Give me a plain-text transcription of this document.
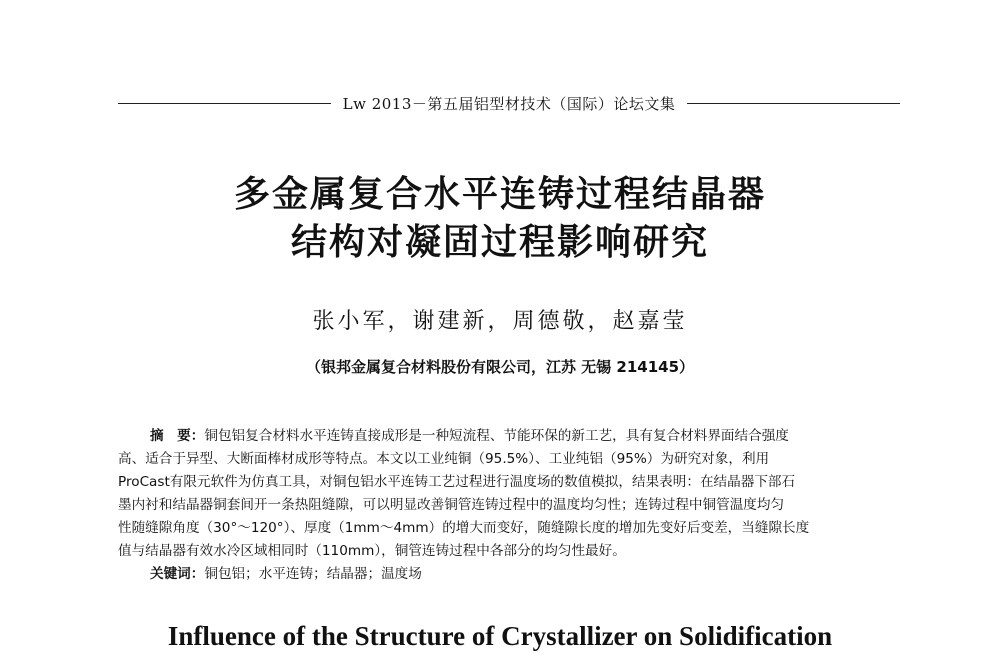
Lw 2013－第五届铝型材技术（国际）论坛文集
多金属复合水平连铸过程结晶器
结构对凝固过程影响研究
张小军，谢建新，周德敬，赵嘉莹
（银邦金属复合材料股份有限公司，江苏 无锡 214145）
摘　要：铜包铝复合材料水平连铸直接成形是一种短流程、节能环保的新工艺，具有复合材料界面结合强度
高、适合于异型、大断面棒材成形等特点。本文以工业纯铜（95.5%）、工业纯铝（95%）为研究对象，利用
ProCast有限元软件为仿真工具，对铜包铝水平连铸工艺过程进行温度场的数值模拟，结果表明：在结晶器下部石
墨内衬和结晶器铜套间开一条热阻缝隙，可以明显改善铜管连铸过程中的温度均匀性；连铸过程中铜管温度均匀
性随缝隙角度（30°～120°）、厚度（1mm～4mm）的增大而变好，随缝隙长度的增加先变好后变差，当缝隙长度
值与结晶器有效水冷区域相同时（110mm），铜管连铸过程中各部分的均匀性最好。
关键词：铜包铝；水平连铸；结晶器；温度场
Influence of the Structure of Crystallizer on Solidification
